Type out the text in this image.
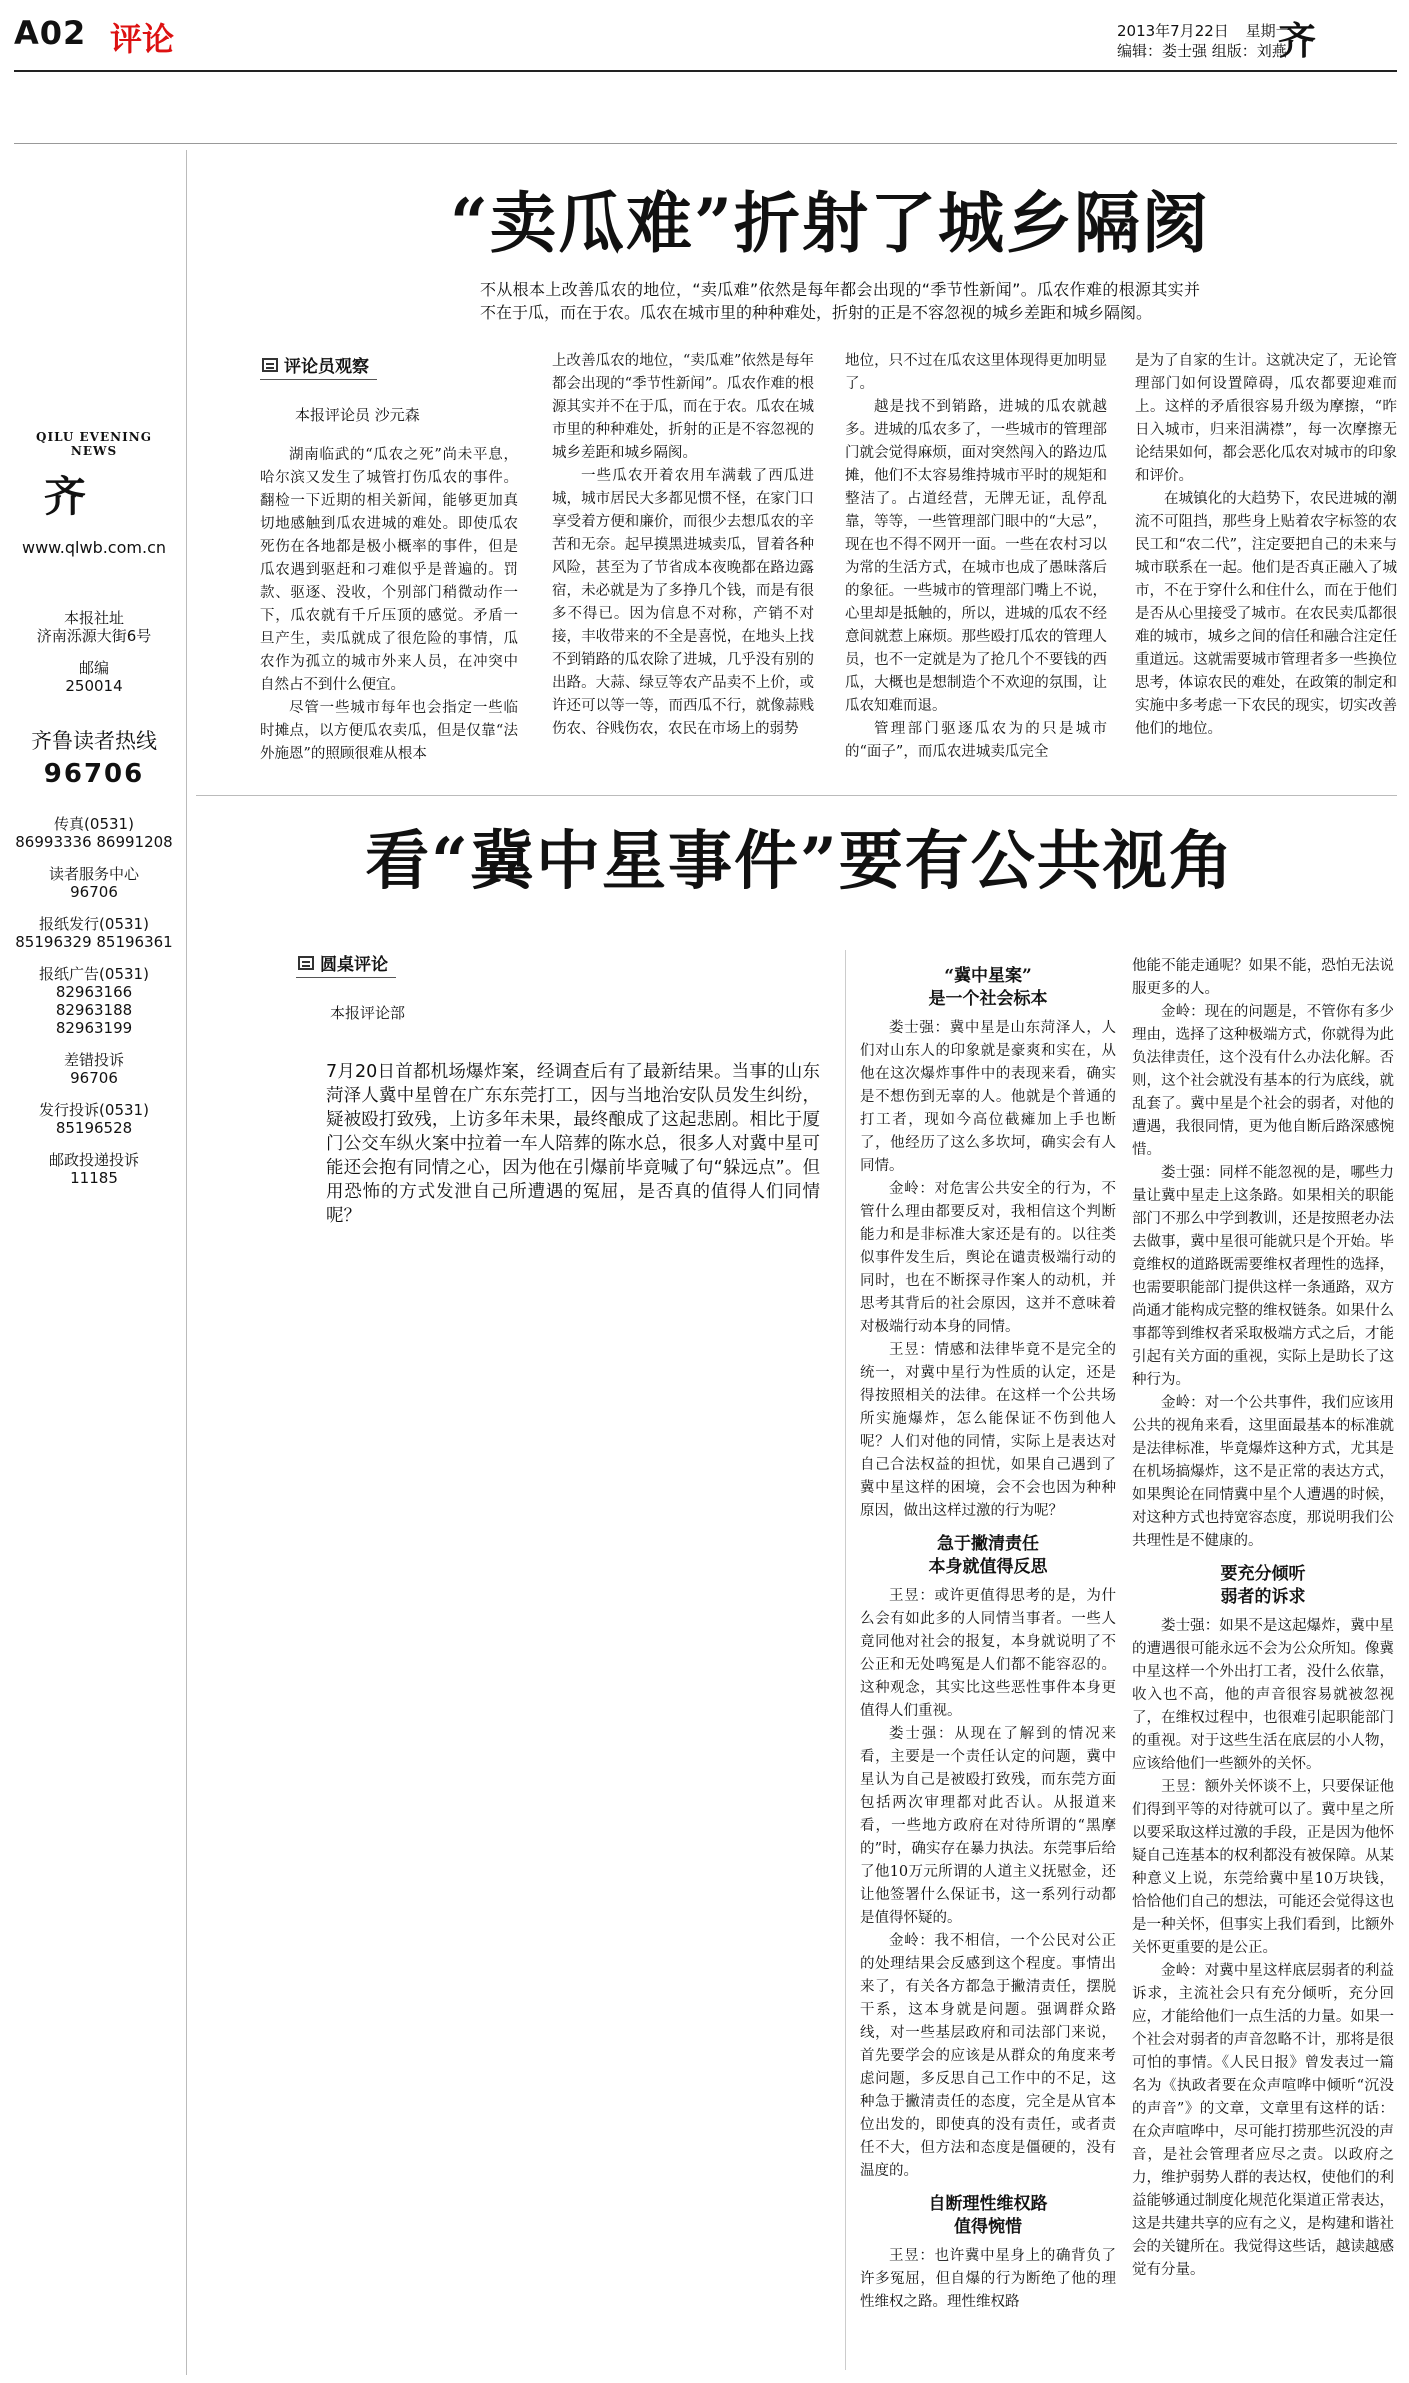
A02 评论	2013年7月22日 星期一
编辑：娄士强 组版：刘燕
齐
QILU EVENING NEWS
齐
www.qlwb.com.cn
本报社址
济南泺源大街6号
邮编
250014
齐鲁读者热线
96706
传真(0531)
86993336 86991208
读者服务中心
96706
报纸发行(0531)
85196329 85196361
报纸广告(0531)
82963166 82963188 82963199
差错投诉
96706
发行投诉(0531)
85196528
邮政投递投诉
11185
“卖瓜难”折射了城乡隔阂
不从根本上改善瓜农的地位，“卖瓜难”依然是每年都会出现的“季节性新闻”。瓜农作难的根源其实并不在于瓜，而在于农。瓜农在城市里的种种难处，折射的正是不容忽视的城乡差距和城乡隔阂。
评论员观察
本报评论员 沙元森

湖南临武的“瓜农之死”尚未平息，哈尔滨又发生了城管打伤瓜农的事件。翻检一下近期的相关新闻，能够更加真切地感触到瓜农进城的难处。即使瓜农死伤在各地都是极小概率的事件，但是瓜农遇到驱赶和刁难似乎是普遍的。罚款、驱逐、没收，个别部门稍微动作一下，瓜农就有千斤压顶的感觉。矛盾一旦产生，卖瓜就成了很危险的事情，瓜农作为孤立的城市外来人员，在冲突中自然占不到什么便宜。

尽管一些城市每年也会指定一些临时摊点，以方便瓜农卖瓜，但是仅靠“法外施恩”的照顾很难从根本

上改善瓜农的地位，“卖瓜难”依然是每年都会出现的“季节性新闻”。瓜农作难的根源其实并不在于瓜，而在于农。瓜农在城市里的种种难处，折射的正是不容忽视的城乡差距和城乡隔阂。

一些瓜农开着农用车满载了西瓜进城，城市居民大多都见惯不怪，在家门口享受着方便和廉价，而很少去想瓜农的辛苦和无奈。起早摸黑进城卖瓜，冒着各种风险，甚至为了节省成本夜晚都在路边露宿，未必就是为了多挣几个钱，而是有很多不得已。因为信息不对称，产销不对接，丰收带来的不全是喜悦，在地头上找不到销路的瓜农除了进城，几乎没有别的出路。大蒜、绿豆等农产品卖不上价，或许还可以等一等，而西瓜不行，就像蒜贱伤农、谷贱伤农，农民在市场上的弱势

地位，只不过在瓜农这里体现得更加明显了。

越是找不到销路，进城的瓜农就越多。进城的瓜农多了，一些城市的管理部门就会觉得麻烦，面对突然闯入的路边瓜摊，他们不太容易维持城市平时的规矩和整洁了。占道经营，无牌无证，乱停乱靠，等等，一些管理部门眼中的“大忌”，现在也不得不网开一面。一些在农村习以为常的生活方式，在城市也成了愚昧落后的象征。一些城市的管理部门嘴上不说，心里却是抵触的，所以，进城的瓜农不经意间就惹上麻烦。那些殴打瓜农的管理人员，也不一定就是为了抢几个不要钱的西瓜，大概也是想制造个不欢迎的氛围，让瓜农知难而退。

管理部门驱逐瓜农为的只是城市的“面子”，而瓜农进城卖瓜完全

是为了自家的生计。这就决定了，无论管理部门如何设置障碍，瓜农都要迎难而上。这样的矛盾很容易升级为摩擦，“昨日入城市，归来泪满襟”，每一次摩擦无论结果如何，都会恶化瓜农对城市的印象和评价。

在城镇化的大趋势下，农民进城的潮流不可阻挡，那些身上贴着农字标签的农民工和“农二代”，注定要把自己的未来与城市联系在一起。他们是否真正融入了城市，不在于穿什么和住什么，而在于他们是否从心里接受了城市。在农民卖瓜都很难的城市，城乡之间的信任和融合注定任重道远。这就需要城市管理者多一些换位思考，体谅农民的难处，在政策的制定和实施中多考虑一下农民的现实，切实改善他们的地位。

看“冀中星事件”要有公共视角
圆桌评论
本报评论部
7月20日首都机场爆炸案，经调查后有了最新结果。当事的山东菏泽人冀中星曾在广东东莞打工，因与当地治安队员发生纠纷，疑被殴打致残，上访多年未果，最终酿成了这起悲剧。相比于厦门公交车纵火案中拉着一车人陪葬的陈水总，很多人对冀中星可能还会抱有同情之心，因为他在引爆前毕竟喊了句“躲远点”。但用恐怖的方式发泄自己所遭遇的冤屈，是否真的值得人们同情呢？
“冀中星案”
是一个社会标本

娄士强：冀中星是山东菏泽人，人们对山东人的印象就是豪爽和实在，从他在这次爆炸事件中的表现来看，确实是不想伤到无辜的人。他就是个普通的打工者，现如今高位截瘫加上手也断了，他经历了这么多坎坷，确实会有人同情。

金岭：对危害公共安全的行为，不管什么理由都要反对，我相信这个判断能力和是非标准大家还是有的。以往类似事件发生后，舆论在谴责极端行动的同时，也在不断探寻作案人的动机，并思考其背后的社会原因，这并不意味着对极端行动本身的同情。

王昱：情感和法律毕竟不是完全的统一，对冀中星行为性质的认定，还是得按照相关的法律。在这样一个公共场所实施爆炸，怎么能保证不伤到他人呢？人们对他的同情，实际上是表达对自己合法权益的担忧，如果自己遇到了冀中星这样的困境，会不会也因为种种原因，做出这样过激的行为呢？

急于撇清责任
本身就值得反思

王昱：或许更值得思考的是，为什么会有如此多的人同情当事者。一些人竟同他对社会的报复，本身就说明了不公正和无处鸣冤是人们都不能容忍的。这种观念，其实比这些恶性事件本身更值得人们重视。

娄士强：从现在了解到的情况来看，主要是一个责任认定的问题，冀中星认为自己是被殴打致残，而东莞方面包括两次审理都对此否认。从报道来看，一些地方政府在对待所谓的“黑摩的”时，确实存在暴力执法。东莞事后给了他10万元所谓的人道主义抚慰金，还让他签署什么保证书，这一系列行动都是值得怀疑的。

金岭：我不相信，一个公民对公正的处理结果会反感到这个程度。事情出来了，有关各方都急于撇清责任，摆脱干系，这本身就是问题。强调群众路线，对一些基层政府和司法部门来说，首先要学会的应该是从群众的角度来考虑问题，多反思自己工作中的不足，这种急于撇清责任的态度，完全是从官本位出发的，即使真的没有责任，或者责任不大，但方法和态度是僵硬的，没有温度的。

自断理性维权路
值得惋惜

王昱：也许冀中星身上的确背负了许多冤屈，但自爆的行为断绝了他的理性维权之路。理性维权路

他能不能走通呢？如果不能，恐怕无法说服更多的人。

金岭：现在的问题是，不管你有多少理由，选择了这种极端方式，你就得为此负法律责任，这个没有什么办法化解。否则，这个社会就没有基本的行为底线，就乱套了。冀中星是个社会的弱者，对他的遭遇，我很同情，更为他自断后路深感惋惜。

娄士强：同样不能忽视的是，哪些力量让冀中星走上这条路。如果相关的职能部门不那么中学到教训，还是按照老办法去做事，冀中星很可能就只是个开始。毕竟维权的道路既需要维权者理性的选择，也需要职能部门提供这样一条通路，双方尚通才能构成完整的维权链条。如果什么事都等到维权者采取极端方式之后，才能引起有关方面的重视，实际上是助长了这种行为。

金岭：对一个公共事件，我们应该用公共的视角来看，这里面最基本的标准就是法律标准，毕竟爆炸这种方式，尤其是在机场搞爆炸，这不是正常的表达方式，如果舆论在同情冀中星个人遭遇的时候，对这种方式也持宽容态度，那说明我们公共理性是不健康的。

要充分倾听
弱者的诉求

娄士强：如果不是这起爆炸，冀中星的遭遇很可能永远不会为公众所知。像冀中星这样一个外出打工者，没什么依靠，收入也不高，他的声音很容易就被忽视了，在维权过程中，也很难引起职能部门的重视。对于这些生活在底层的小人物，应该给他们一些额外的关怀。

王昱：额外关怀谈不上，只要保证他们得到平等的对待就可以了。冀中星之所以要采取这样过激的手段，正是因为他怀疑自己连基本的权利都没有被保障。从某种意义上说，东莞给冀中星10万块钱，恰恰他们自己的想法，可能还会觉得这也是一种关怀，但事实上我们看到，比额外关怀更重要的是公正。

金岭：对冀中星这样底层弱者的利益诉求，主流社会只有充分倾听，充分回应，才能给他们一点生活的力量。如果一个社会对弱者的声音忽略不计，那将是很可怕的事情。《人民日报》曾发表过一篇名为《执政者要在众声喧哗中倾听“沉没的声音”》的文章，文章里有这样的话：在众声喧哗中，尽可能打捞那些沉没的声音，是社会管理者应尽之责。以政府之力，维护弱势人群的表达权，使他们的利益能够通过制度化规范化渠道正常表达，这是共建共享的应有之义，是构建和谐社会的关键所在。我觉得这些话，越读越感觉有分量。
